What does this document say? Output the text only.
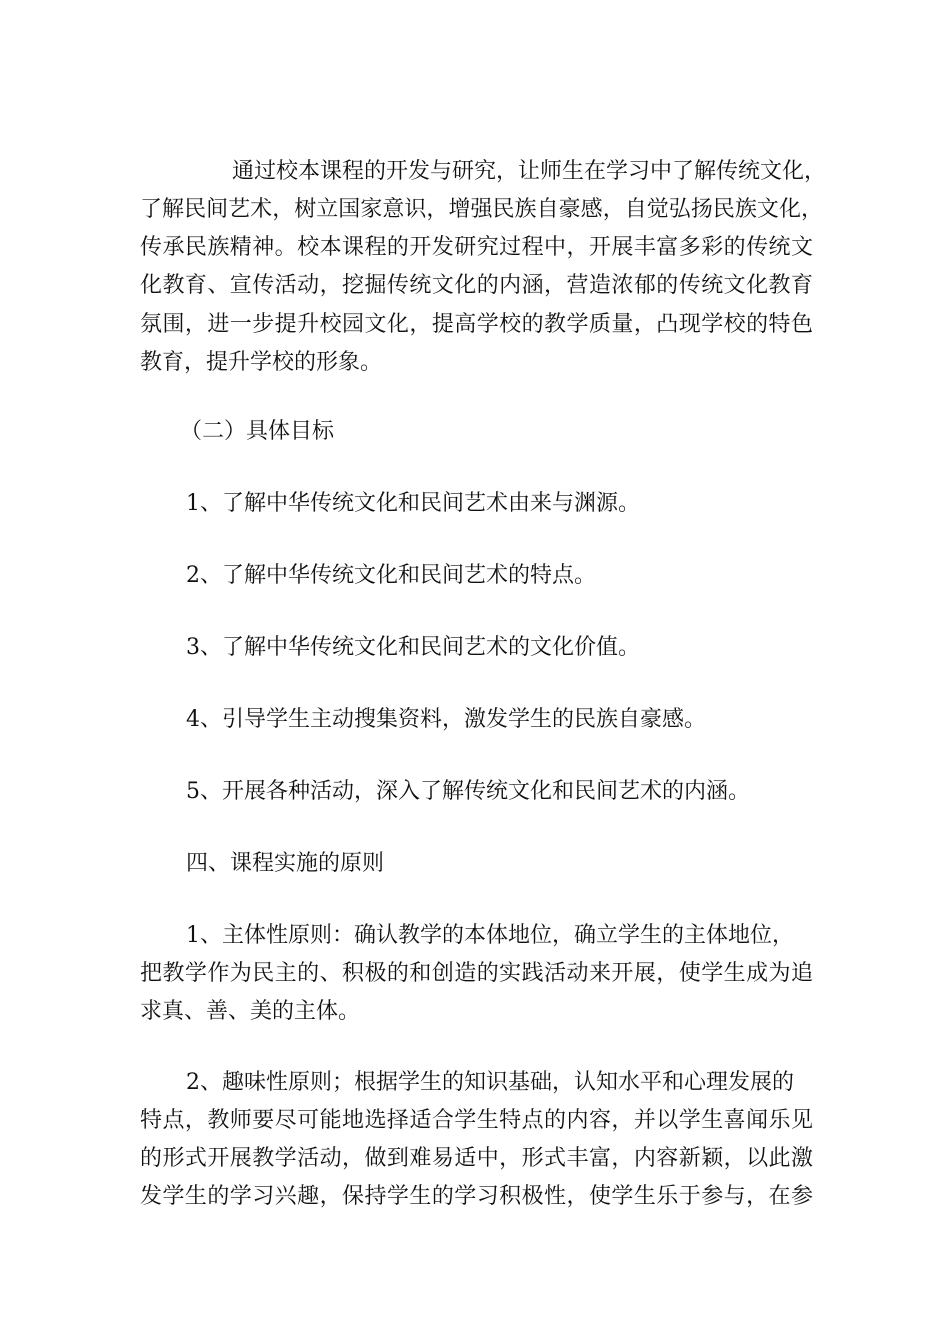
通过校本课程的开发与研究，让师生在学习中了解传统文化，
了解民间艺术，树立国家意识，增强民族自豪感，自觉弘扬民族文化，
传承民族精神。校本课程的开发研究过程中，开展丰富多彩的传统文
化教育、宣传活动，挖掘传统文化的内涵，营造浓郁的传统文化教育
氛围，进一步提升校园文化，提高学校的教学质量，凸现学校的特色
教育，提升学校的形象。
（二）具体目标
1、了解中华传统文化和民间艺术由来与渊源。
2、了解中华传统文化和民间艺术的特点。
3、了解中华传统文化和民间艺术的文化价值。
4、引导学生主动搜集资料，激发学生的民族自豪感。
5、开展各种活动，深入了解传统文化和民间艺术的内涵。
四、课程实施的原则
1、主体性原则：确认教学的本体地位，确立学生的主体地位，
把教学作为民主的、积极的和创造的实践活动来开展，使学生成为追
求真、善、美的主体。
2、趣味性原则；根据学生的知识基础，认知水平和心理发展的
特点，教师要尽可能地选择适合学生特点的内容，并以学生喜闻乐见
的形式开展教学活动，做到难易适中，形式丰富，内容新颖，以此激
发学生的学习兴趣，保持学生的学习积极性，使学生乐于参与，在参
